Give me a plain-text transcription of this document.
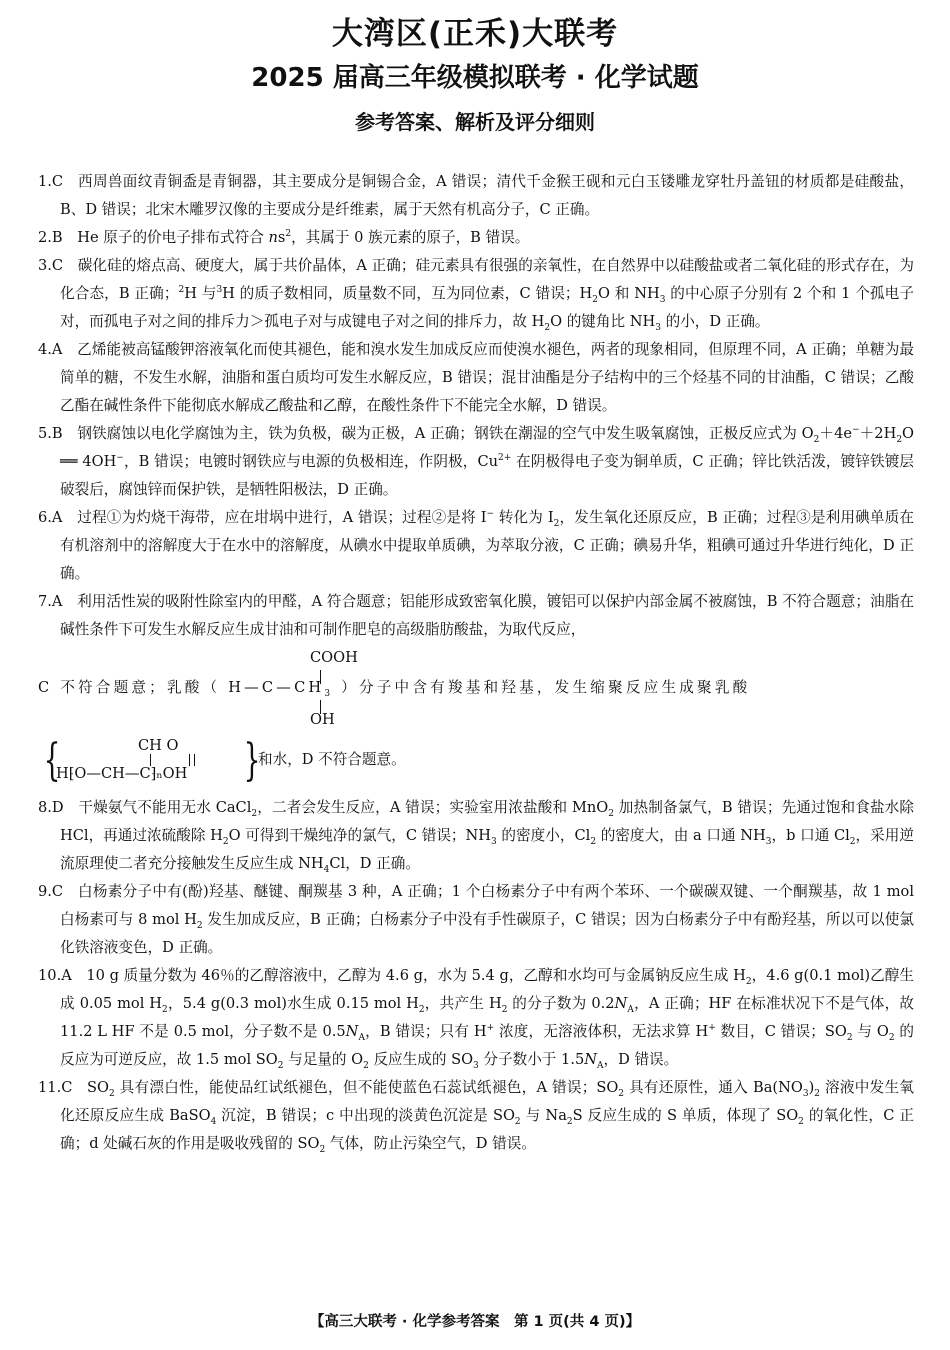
大湾区(正禾)大联考
2025 届高三年级模拟联考 · 化学试题
参考答案、解析及评分细则

1.C 西周兽面纹青铜盉是青铜器，其主要成分是铜锡合金，A 错误；清代千金猴王砚和元白玉镂雕龙穿牡丹盖钮的材质都是硅酸盐，B、D 错误；北宋木雕罗汉像的主要成分是纤维素，属于天然有机高分子，C 正确。

2.B He 原子的价电子排布式符合 $ns^2$，其属于 0 族元素的原子，B 错误。

3.C 碳化硅的熔点高、硬度大，属于共价晶体，A 正确；硅元素具有很强的亲氧性，在自然界中以硅酸盐或者二氧化硅的形式存在，为化合态，B 正确；$^2$H 与$^3$H 的质子数相同，质量数不同，互为同位素，C 错误；$H_2O$ 和 $NH_3$ 的中心原子分别有 2 个和 1 个孤电子对，而孤电子对之间的排斥力＞孤电子对与成键电子对之间的排斥力，故 $H_2O$ 的键角比 $NH_3$ 的小，D 正确。

4.A 乙烯能被高锰酸钾溶液氧化而使其褪色，能和溴水发生加成反应而使溴水褪色，两者的现象相同，但原理不同，A 正确；单糖为最简单的糖，不发生水解，油脂和蛋白质均可发生水解反应，B 错误；混甘油酯是分子结构中的三个烃基不同的甘油酯，C 错误；乙酸乙酯在碱性条件下能彻底水解成乙酸盐和乙醇，在酸性条件下不能完全水解，D 错误。

5.B 钢铁腐蚀以电化学腐蚀为主，铁为负极，碳为正极，A 正确；钢铁在潮湿的空气中发生吸氧腐蚀，正极反应式为 $O_2+4e^-+2H_2O$ ══ 4OH−，B 错误；电镀时钢铁应与电源的负极相连，作阴极，$Cu^{2+}$ 在阴极得电子变为铜单质，C 正确；锌比铁活泼，镀锌铁镀层破裂后，腐蚀锌而保护铁，是牺牲阳极法，D 正确。

6.A 过程①为灼烧干海带，应在坩埚中进行，A 错误；过程②是将 I− 转化为 $I_2$，发生氧化还原反应，B 正确；过程③是利用碘单质在有机溶剂中的溶解度大于在水中的溶解度，从碘水中提取单质碘，为萃取分液，C 正确；碘易升华，粗碘可通过升华进行纯化，D 正确。

7.A 利用活性炭的吸附性除室内的甲醛，A 符合题意；铝能形成致密氧化膜，镀铝可以保护内部金属不被腐蚀，B 不符合题意；油脂在碱性条件下可发生水解反应生成甘油和可制作肥皂的高级脂肪酸盐，为取代反应，

COOH
C 不符合题意；乳酸（ $H—C—CH_3$ ）分子中含有羧基和羟基，发生缩聚反应生成聚乳酸
OH
{	CH O
H⁅O—CH—C⁆ₙOH }
和水，D 不符合题意。

8.D 干燥氨气不能用无水 CaCl$_2$，二者会发生反应，A 错误；实验室用浓盐酸和 MnO$_2$ 加热制备氯气，B 错误；先通过饱和食盐水除 HCl，再通过浓硫酸除 $H_2O$ 可得到干燥纯净的氯气，C 错误；$NH_3$ 的密度小，$Cl_2$ 的密度大，由 a 口通 $NH_3$，b 口通 $Cl_2$，采用逆流原理使二者充分接触发生反应生成 $NH_4Cl$，D 正确。

9.C 白杨素分子中有(酚)羟基、醚键、酮羰基 3 种，A 正确；1 个白杨素分子中有两个苯环、一个碳碳双键、一个酮羰基，故 1 mol 白杨素可与 8 mol $H_2$ 发生加成反应，B 正确；白杨素分子中没有手性碳原子，C 错误；因为白杨素分子中有酚羟基，所以可以使氯化铁溶液变色，D 正确。

10.A 10 g 质量分数为 46％的乙醇溶液中，乙醇为 4.6 g，水为 5.4 g，乙醇和水均可与金属钠反应生成 $H_2$，4.6 g(0.1 mol)乙醇生成 0.05 mol $H_2$，5.4 g(0.3 mol)水生成 0.15 mol $H_2$，共产生 $H_2$ 的分子数为 $0.2N_A$，A 正确；HF 在标准状况下不是气体，故 11.2 L HF 不是 0.5 mol，分子数不是 $0.5N_A$，B 错误；只有 H+ 浓度，无溶液体积，无法求算 H+ 数目，C 错误；$SO_2$ 与 $O_2$ 的反应为可逆反应，故 1.5 mol $SO_2$ 与足量的 $O_2$ 反应生成的 $SO_3$ 分子数小于 $1.5N_A$，D 错误。

11.C $SO_2$ 具有漂白性，能使品红试纸褪色，但不能使蓝色石蕊试纸褪色，A 错误；$SO_2$ 具有还原性，通入 $Ba(NO_3)_2$ 溶液中发生氧化还原反应生成 BaSO$_4$ 沉淀，B 错误；c 中出现的淡黄色沉淀是 $SO_2$ 与 $Na_2S$ 反应生成的 S 单质，体现了 $SO_2$ 的氧化性，C 正确；d 处碱石灰的作用是吸收残留的 $SO_2$ 气体，防止污染空气，D 错误。

【高三大联考 · 化学参考答案　第 1 页(共 4 页)】
